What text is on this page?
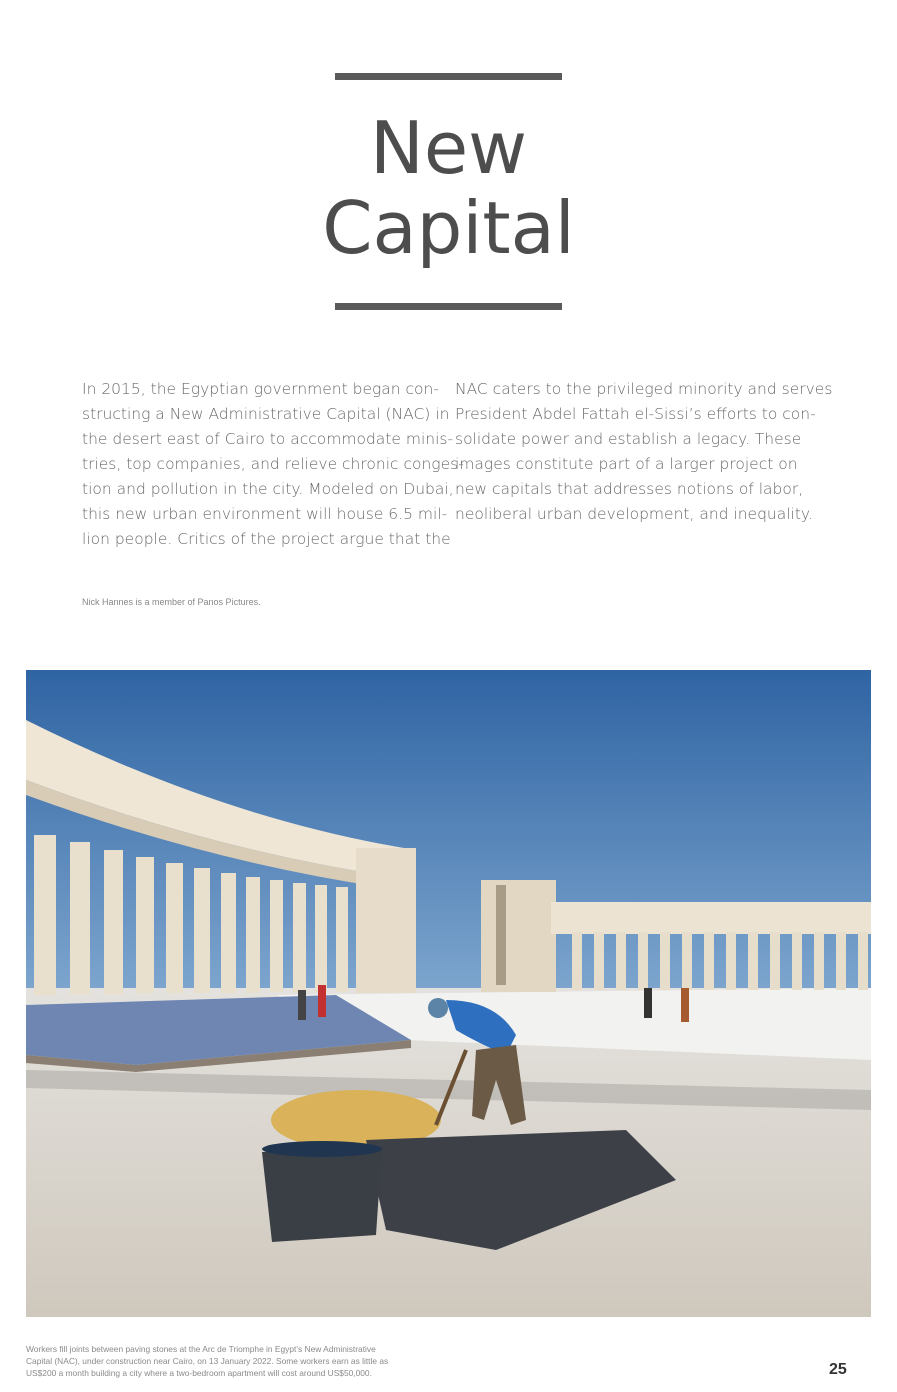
New
Capital

In 2015, the Egyptian government began con-
structing a New Administrative Capital (NAC) in
the desert east of Cairo to accommodate minis-
tries, top companies, and relieve chronic conges-
tion and pollution in the city. Modeled on Dubai,
this new urban environment will house 6.5 mil-
lion people. Critics of the project argue that the

NAC caters to the privileged minority and serves
President Abdel Fattah el-Sissi’s efforts to con-
solidate power and establish a legacy. These
images constitute part of a larger project on
new capitals that addresses notions of labor,
neoliberal urban development, and inequality.

Nick Hannes is a member of Panos Pictures.

Workers fill joints between paving stones at the Arc de Triomphe in Egypt’s New Administrative
Capital (NAC), under construction near Cairo, on 13 January 2022. Some workers earn as little as
US$200 a month building a city where a two-bedroom apartment will cost around US$50,000.	25
